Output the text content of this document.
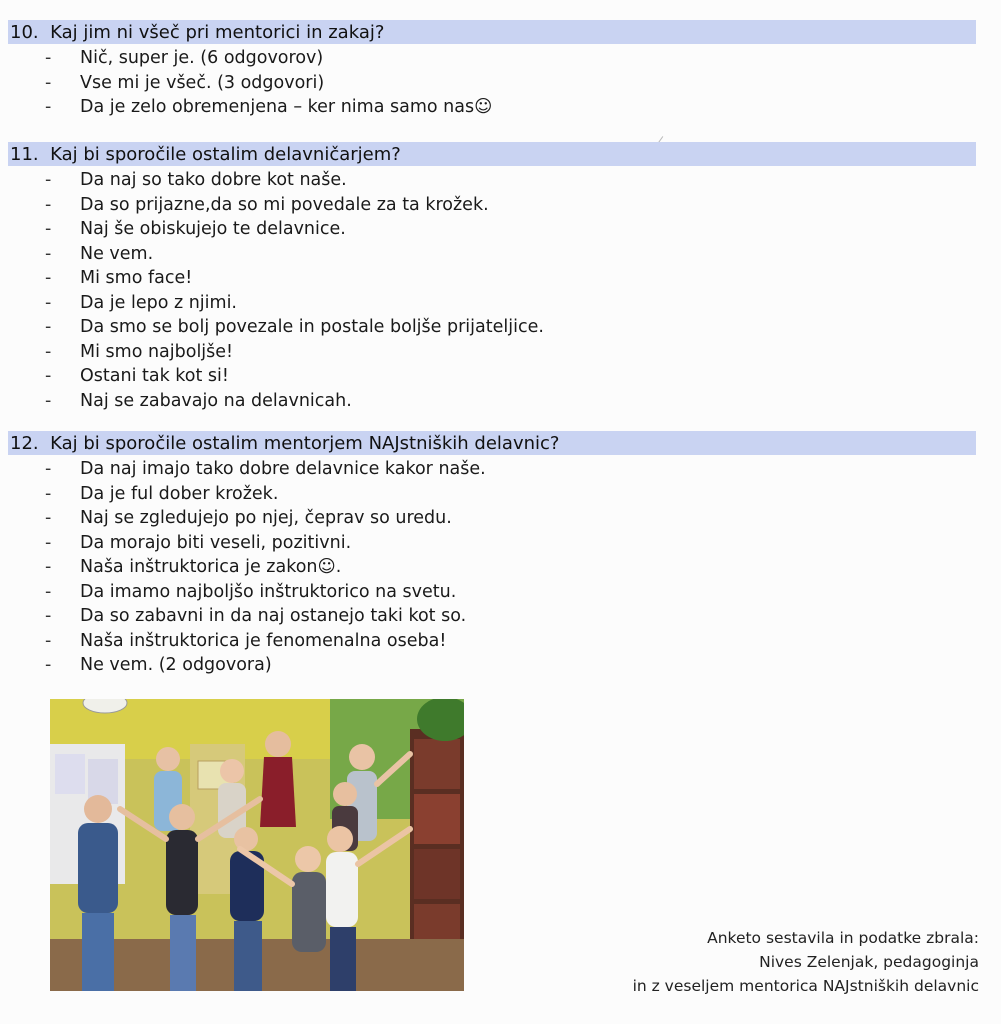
10. Kaj jim ni všeč pri mentorici in zakaj?
- Nič, super je. (6 odgovorov)
- Vse mi je všeč. (3 odgovori)
- Da je zelo obremenjena – ker nima samo nas☺
11. Kaj bi sporočile ostalim delavničarjem?
- Da naj so tako dobre kot naše.
- Da so prijazne,da so mi povedale za ta krožek.
- Naj še obiskujejo te delavnice.
- Ne vem.
- Mi smo face!
- Da je lepo z njimi.
- Da smo se bolj povezale in postale boljše prijateljice.
- Mi smo najboljše!
- Ostani tak kot si!
- Naj se zabavajo na delavnicah.
12. Kaj bi sporočile ostalim mentorjem NAJstniških delavnic?
- Da naj imajo tako dobre delavnice kakor naše.
- Da je ful dober krožek.
- Naj se zgledujejo po njej, čeprav so uredu.
- Da morajo biti veseli, pozitivni.
- Naša inštruktorica je zakon☺.
- Da imamo najboljšo inštruktorico na svetu.
- Da so zabavni in da naj ostanejo taki kot so.
- Naša inštruktorica je fenomenalna oseba!
- Ne vem. (2 odgovora)
Anketo sestavila in podatke zbrala:
Nives Zelenjak, pedagoginja
in z veseljem mentorica NAJstniških delavnic
